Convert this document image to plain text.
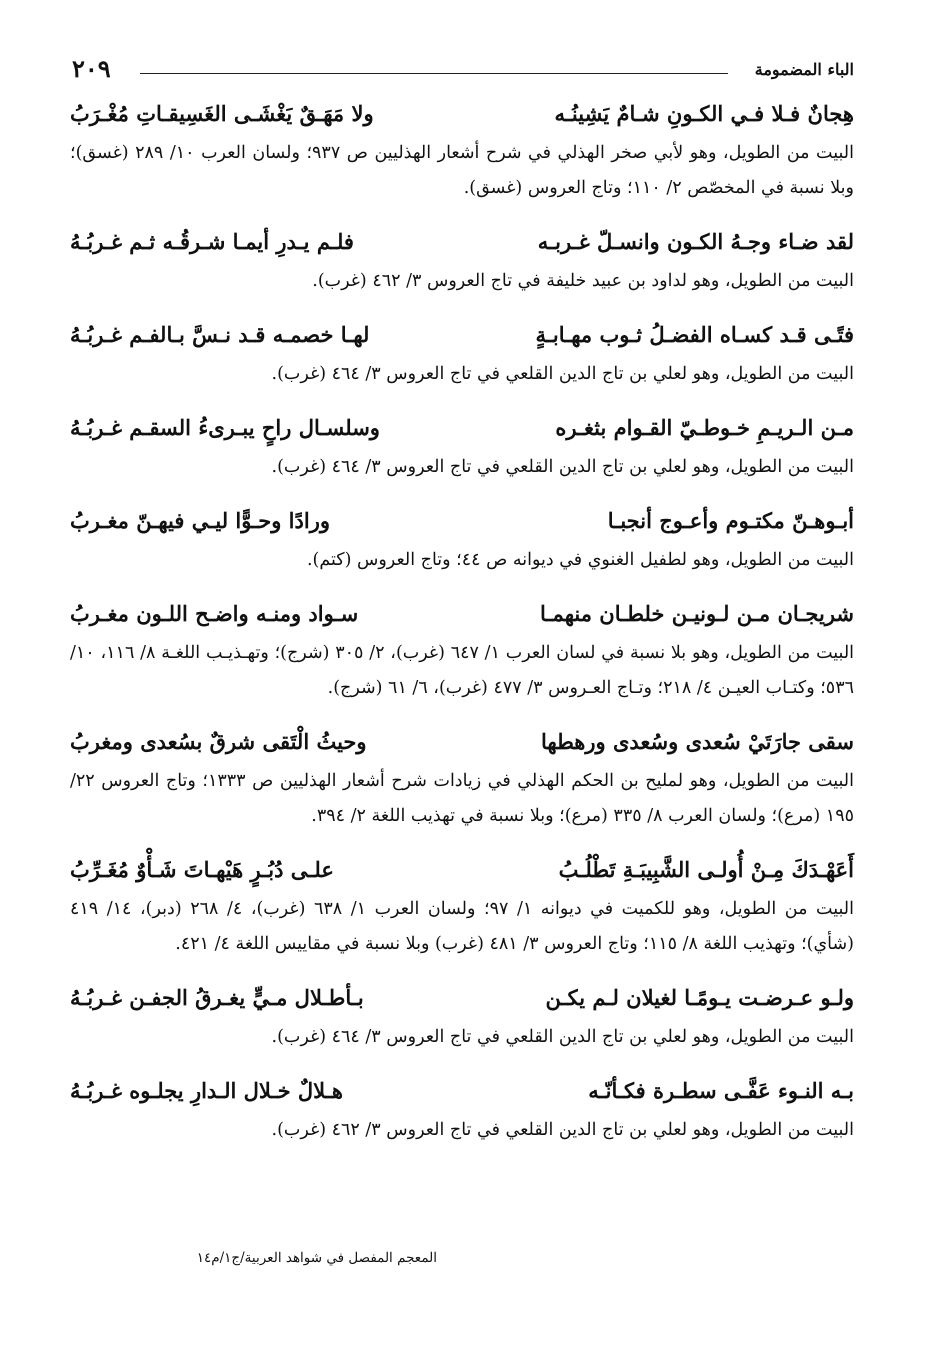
الباء المضمومة
٢٠٩
هِجانٌ فـلا فـي الكـونِ شـامٌ يَشِينُـه
ولا مَهَـقٌ يَغْشَـى الغَسِيقـاتِ مُغْـرَبُ

البيت من الطويل، وهو لأبي صخر الهذلي في شرح أشعار الهذليين ص ٩٣٧؛ ولسان العرب ١٠/ ٢٨٩ (غسق)؛ وبلا نسبة في المخصّص ٢/ ١١٠؛ وتاج العروس (غسق).

لقد ضـاء وجـهُ الكـون وانسـلّ غـربـه
فلـم يـدرِ أيمـا شـرقُـه ثـم غـربُـهُ

البيت من الطويل، وهو لداود بن عبيد خليفة في تاج العروس ٣/ ٤٦٢ (غرب).

فتًـى قـد كسـاه الفضـلُ ثـوب مهـابـةٍ
لهـا خصمـه قـد نـسَّ بـالفـم غـربُـهُ

البيت من الطويل، وهو لعلي بن تاج الدين القلعي في تاج العروس ٣/ ٤٦٤ (غرب).

مـن الـريـمِ خـوطـيّ القـوام بثغـره
وسلسـال راحٍ يبـرىءُ السقـم غـربُـهُ

البيت من الطويل، وهو لعلي بن تاج الدين القلعي في تاج العروس ٣/ ٤٦٤ (غرب).

أبـوهـنّ مكتـوم وأعـوج أنجبـا
ورادًا وحـوًّا ليـي فيهـنّ مغـربُ

البيت من الطويل، وهو لطفيل الغنوي في ديوانه ص ٤٤؛ وتاج العروس (كتم).

شريجـان مـن لـونيـن خلطـان منهمـا
سـواد ومنـه واضـح اللـون مغـربُ

البيت من الطويل، وهو بلا نسبة في لسان العرب ١/ ٦٤٧ (غرب)، ٢/ ٣٠٥ (شرج)؛ وتهـذيـب اللغـة ٨/ ١١٦، ١٠/ ٥٣٦؛ وكتـاب العيـن ٤/ ٢١٨؛ وتـاج العـروس ٣/ ٤٧٧ (غرب)، ٦/ ٦١ (شرج).

سقى جارَتَيْ سُعدى وسُعدى ورهطها
وحيثُ الْتَقى شرقٌ بسُعدى ومغربُ

البيت من الطويل، وهو لمليح بن الحكم الهذلي في زيادات شرح أشعار الهذليين ص ١٣٣٣؛ وتاج العروس ٢٢/ ١٩٥ (مرع)؛ ولسان العرب ٨/ ٣٣٥ (مرع)؛ وبلا نسبة في تهذيب اللغة ٢/ ٣٩٤.

أَعَهْـدَكَ مِـنْ أُولـى الشَّبِيبَـةِ تَطْلُـبُ
علـى دُبُـرٍ هَيْهـاتَ شَـأْوٌ مُغَـرِّبُ

البيت من الطويل، وهو للكميت في ديوانه ١/ ٩٧؛ ولسان العرب ١/ ٦٣٨ (غرب)، ٤/ ٢٦٨ (دبر)، ١٤/ ٤١٩ (شأي)؛ وتهذيب اللغة ٨/ ١١٥؛ وتاج العروس ٣/ ٤٨١ (غرب) وبلا نسبة في مقاييس اللغة ٤/ ٤٢١.

ولـو عـرضـت يـومًـا لغيلان لـم يكـن
بـأطـلال مـيٍّ يغـرقُ الجفـن غـربُـهُ

البيت من الطويل، وهو لعلي بن تاج الدين القلعي في تاج العروس ٣/ ٤٦٤ (غرب).

بـه النـوء عَفَّـى سطـرة فكـأنّـه
هـلالٌ خـلال الـدارِ يجلـوه غـربُـهُ

البيت من الطويل، وهو لعلي بن تاج الدين القلعي في تاج العروس ٣/ ٤٦٢ (غرب).

المعجم المفصل في شواهد العربية/ج١/م١٤
